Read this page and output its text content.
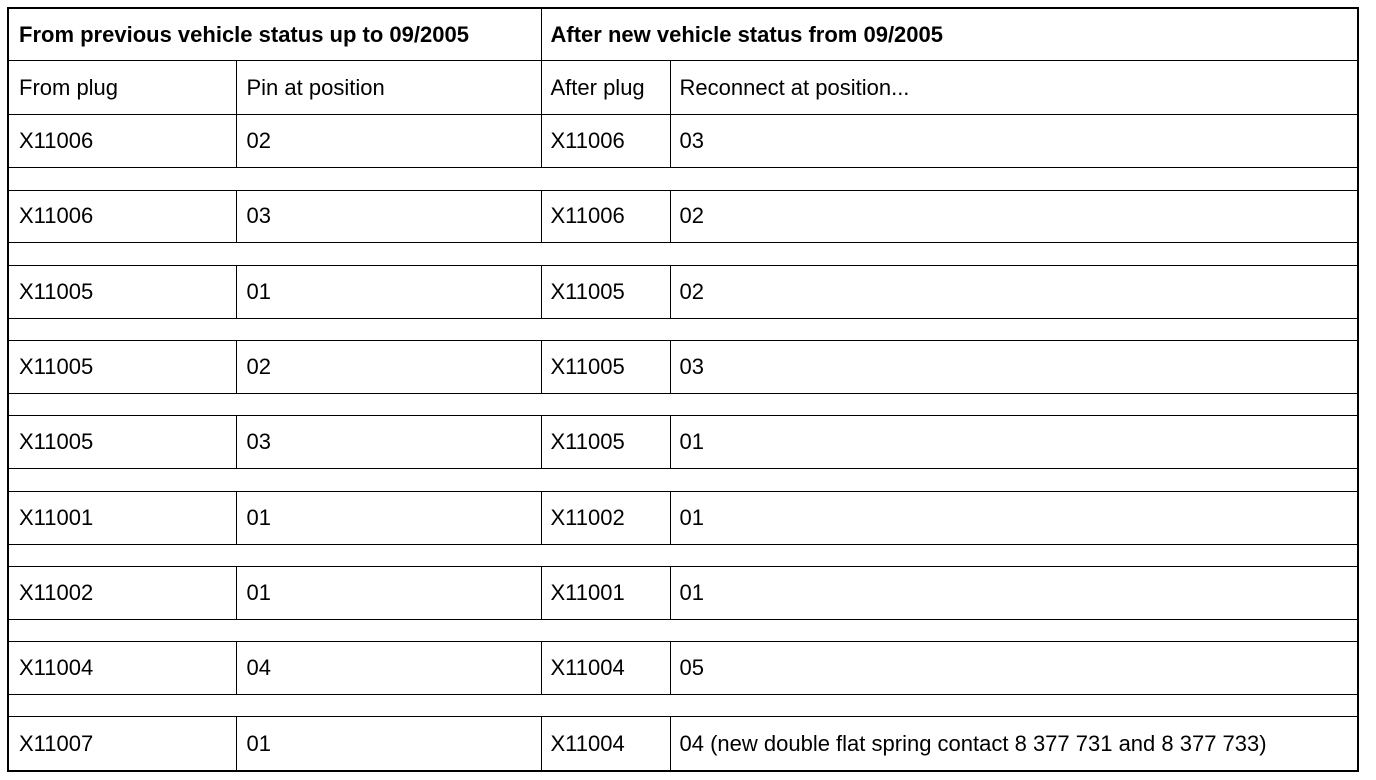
From previous vehicle status up to 09/2005		After new vehicle status from 09/2005	
From plug	Pin at position	After plug	Reconnect at position...
X11006	02	X11006	03

X11006	03	X11006	02

X11005	01	X11005	02

X11005	02	X11005	03

X11005	03	X11005	01

X11001	01	X11002	01

X11002	01	X11001	01

X11004	04	X11004	05

X11007	01	X11004	04 (new double flat spring contact 8 377 731 and 8 377 733)
